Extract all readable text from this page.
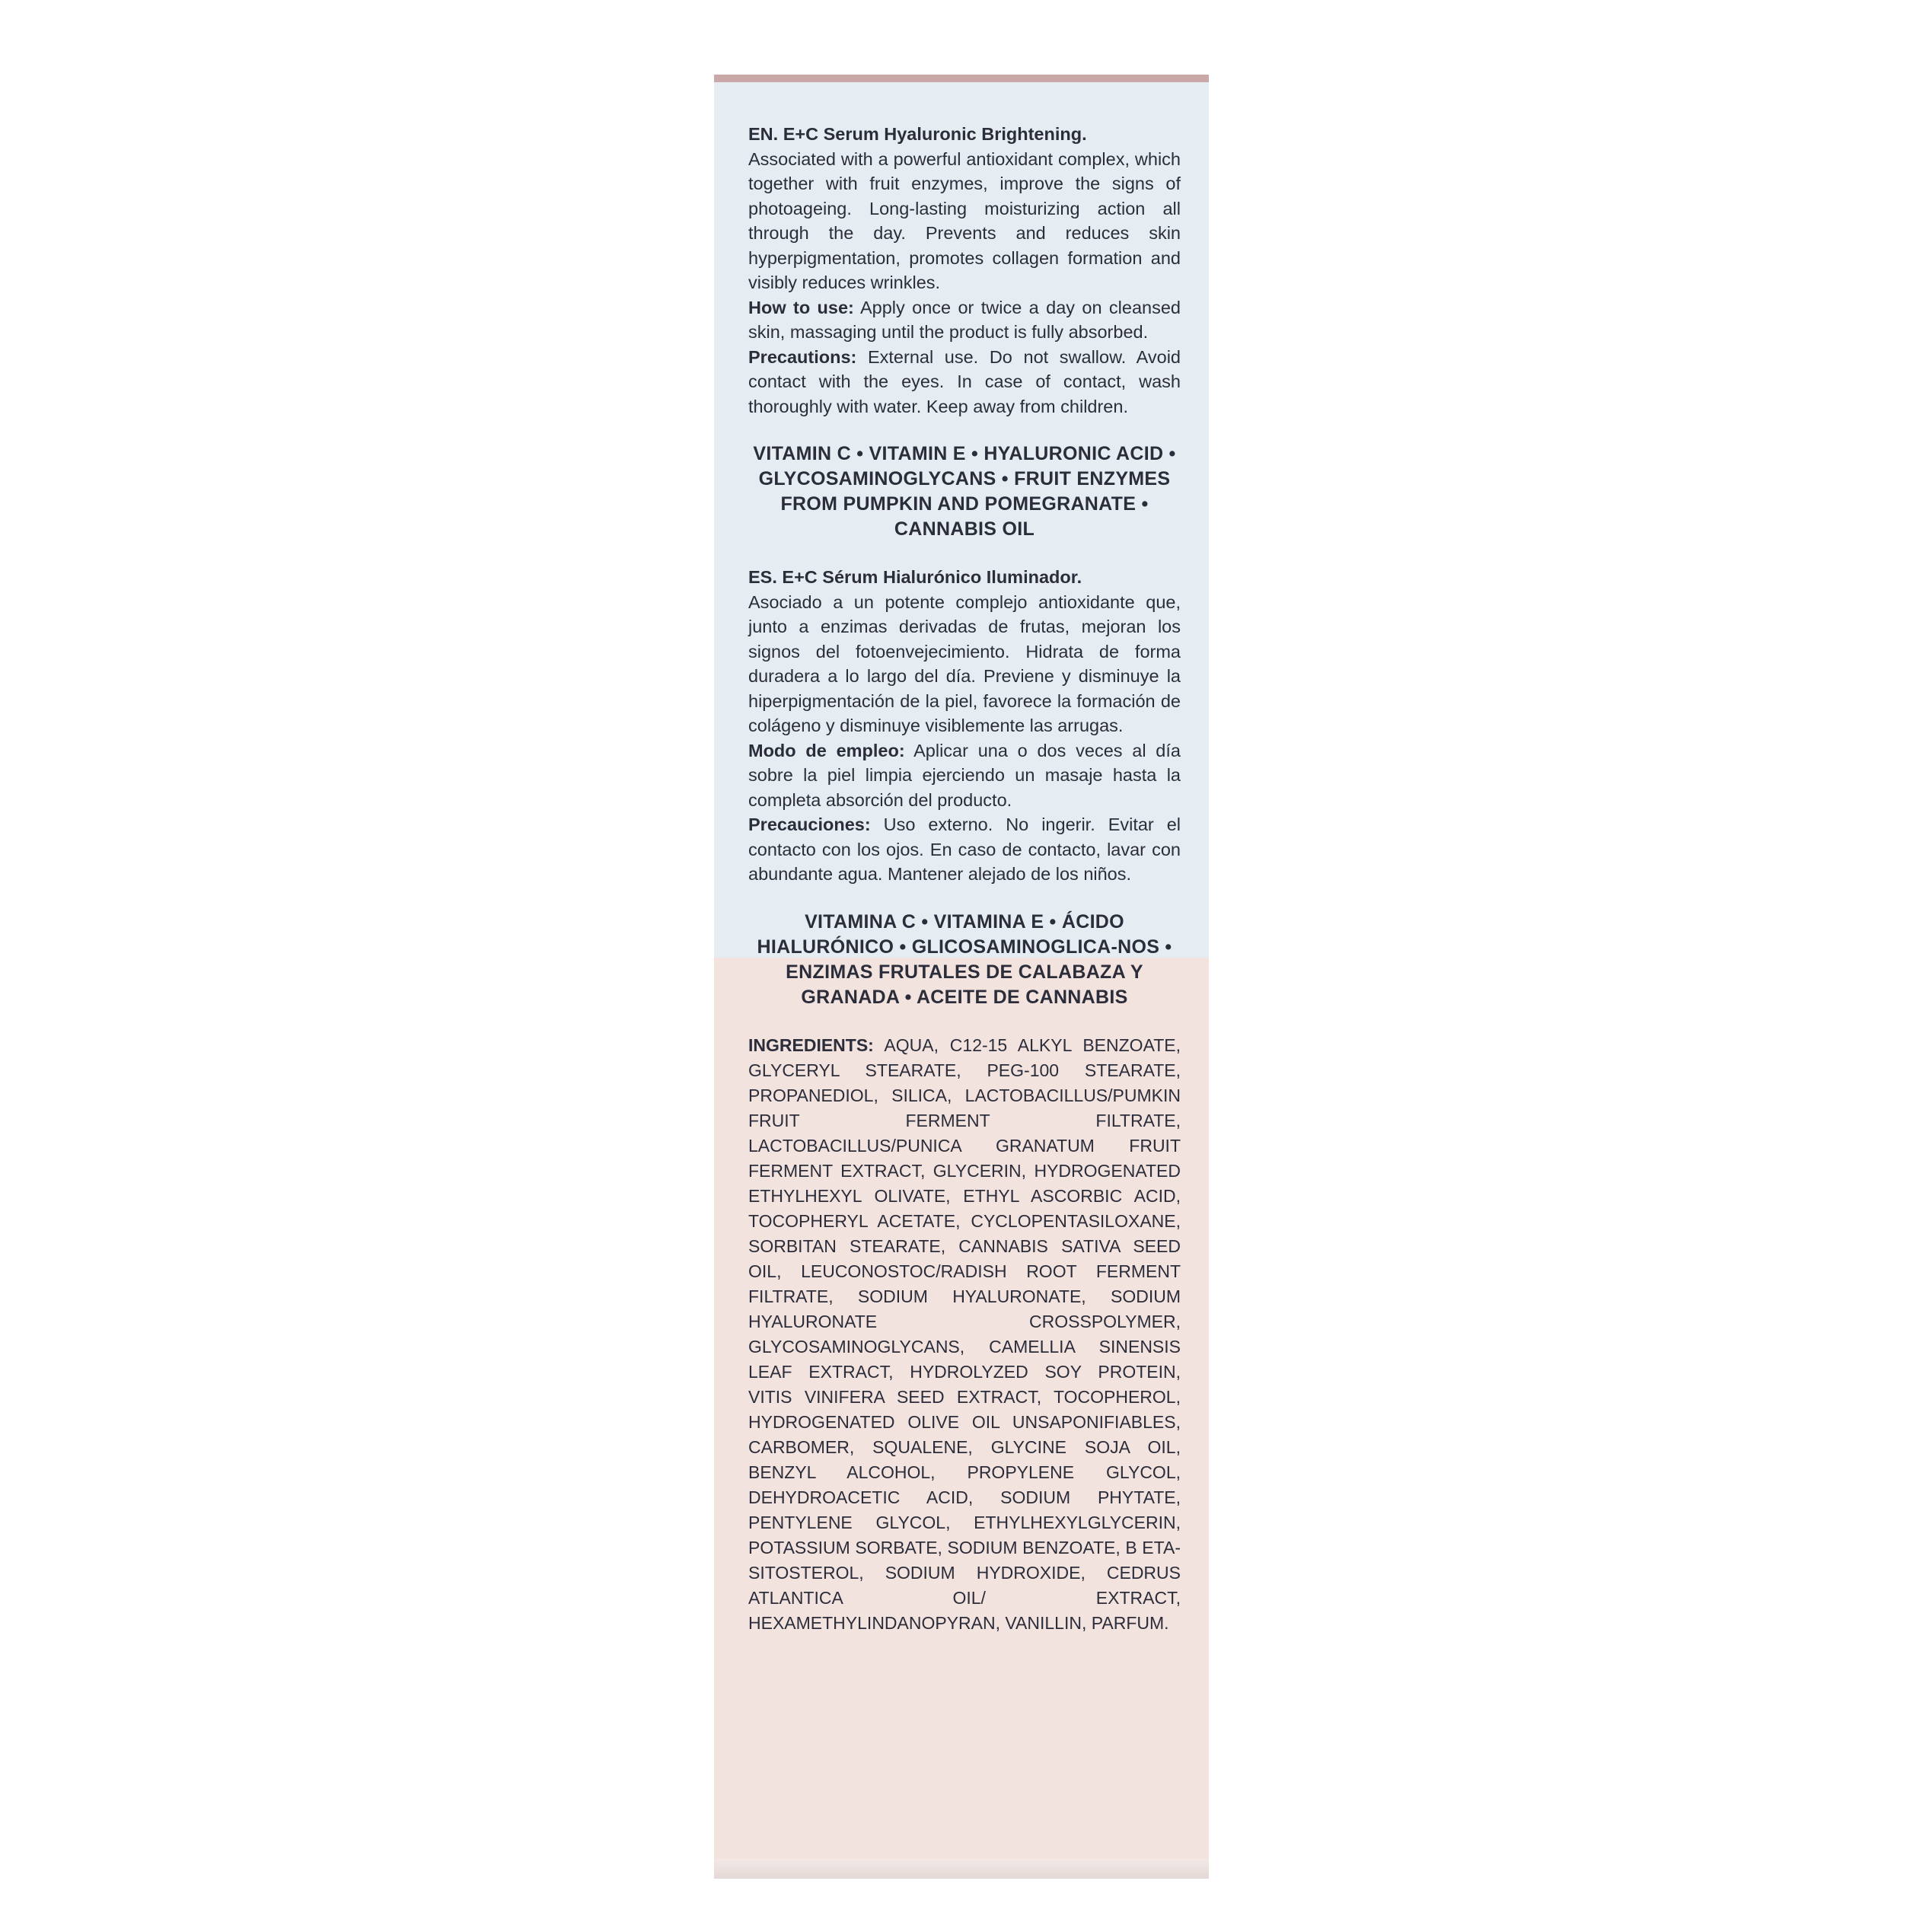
EN. E+C Serum Hyaluronic Brightening.
Associated with a powerful antioxidant complex, which together with fruit enzymes, improve the signs of photoageing. Long-lasting moisturizing action all through the day. Prevents and reduces skin hyperpigmentation, promotes collagen formation and visibly reduces wrinkles.
How to use: Apply once or twice a day on cleansed skin, massaging until the product is fully absorbed.
Precautions: External use. Do not swallow. Avoid contact with the eyes. In case of contact, wash thoroughly with water. Keep away from children.

VITAMIN C • VITAMIN E • HYALURONIC ACID • GLYCOSAMINOGLYCANS • FRUIT ENZYMES FROM PUMPKIN AND POMEGRANATE • CANNABIS OIL

ES. E+C Sérum Hialurónico Iluminador.
Asociado a un potente complejo antioxidante que, junto a enzimas derivadas de frutas, mejoran los signos del fotoenvejecimiento. Hidrata de forma duradera a lo largo del día. Previene y disminuye la hiperpigmentación de la piel, favorece la formación de colágeno y disminuye visiblemente las arrugas.
Modo de empleo: Aplicar una o dos veces al día sobre la piel limpia ejerciendo un masaje hasta la completa absorción del producto.
Precauciones: Uso externo. No ingerir. Evitar el contacto con los ojos. En caso de contacto, lavar con abundante agua. Mantener alejado de los niños.

VITAMINA C • VITAMINA E • ÁCIDO HIALURÓNICO • GLICOSAMINOGLICA-NOS • ENZIMAS FRUTALES DE CALABAZA Y GRANADA • ACEITE DE CANNABIS

INGREDIENTS: AQUA, C12-15 ALKYL BENZOATE, GLYCERYL STEARATE, PEG-100 STEARATE, PROPANEDIOL, SILICA, LACTOBACILLUS/PUMKIN FRUIT FERMENT FILTRATE, LACTOBACILLUS/PUNICA GRANATUM FRUIT FERMENT EXTRACT, GLYCERIN, HYDROGENATED ETHYLHEXYL OLIVATE, ETHYL ASCORBIC ACID, TOCOPHERYL ACETATE, CYCLOPENTASILOXANE, SORBITAN STEARATE, CANNABIS SATIVA SEED OIL, LEUCONOSTOC/RADISH ROOT FERMENT FILTRATE, SODIUM HYALURONATE, SODIUM HYALURONATE CROSSPOLYMER, GLYCOSAMINOGLYCANS, CAMELLIA SINENSIS LEAF EXTRACT, HYDROLYZED SOY PROTEIN, VITIS VINIFERA SEED EXTRACT, TOCOPHEROL, HYDROGENATED OLIVE OIL UNSAPONIFIABLES, CARBOMER, SQUALENE, GLYCINE SOJA OIL, BENZYL ALCOHOL, PROPYLENE GLYCOL, DEHYDROACETIC ACID, SODIUM PHYTATE, PENTYLENE GLYCOL, ETHYLHEXYLGLYCERIN, POTASSIUM SORBATE, SODIUM BENZOATE, B ETA-SITOSTEROL, SODIUM HYDROXIDE, CEDRUS ATLANTICA OIL/ EXTRACT, HEXAMETHYLINDANOPYRAN, VANILLIN, PARFUM.
